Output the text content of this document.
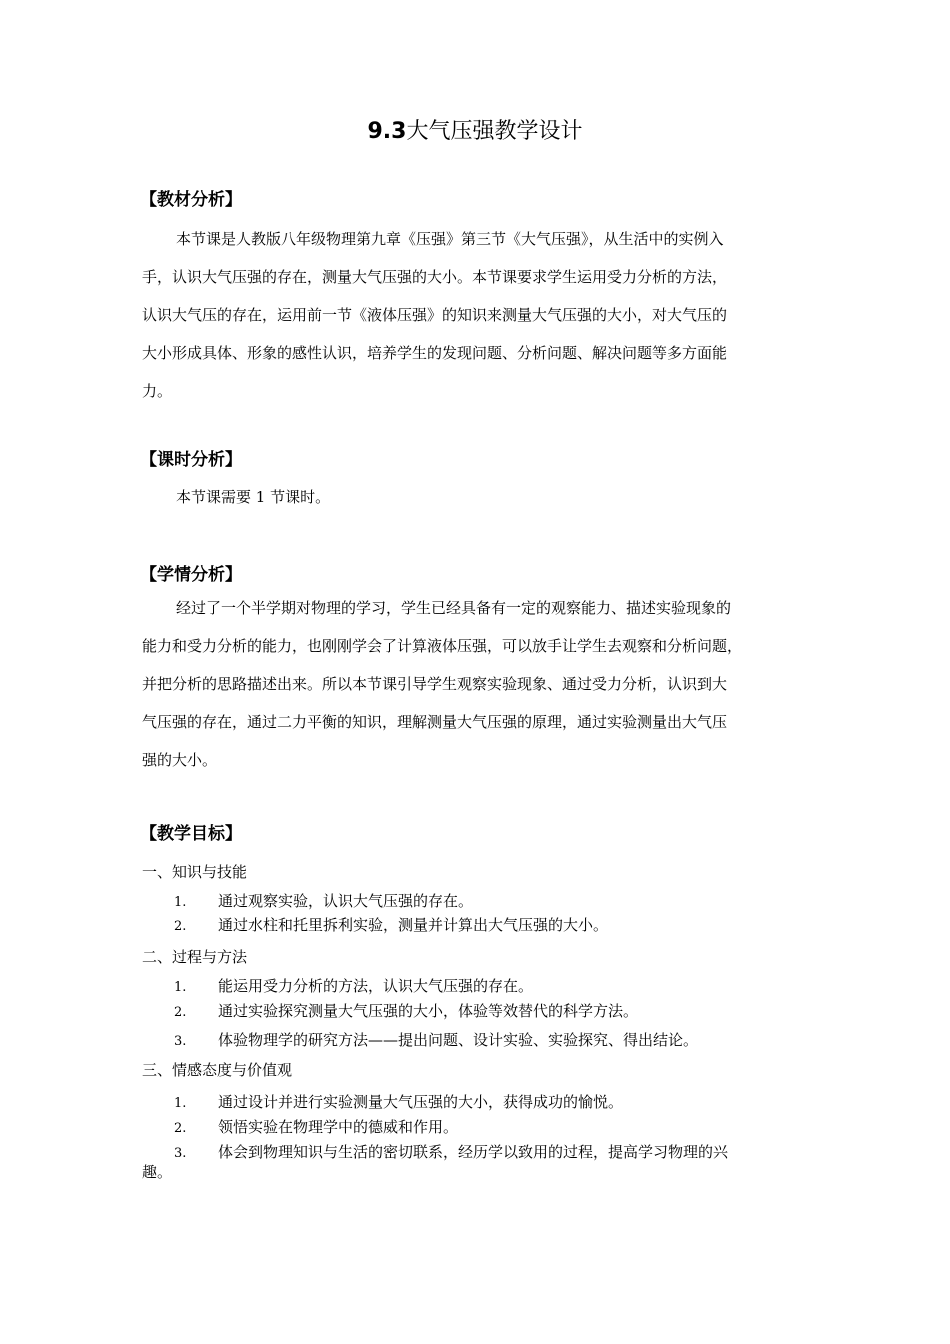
9.3大气压强教学设计
【教材分析】
本节课是人教版八年级物理第九章《压强》第三节《大气压强》，从生活中的实例入
手，认识大气压强的存在，测量大气压强的大小。本节课要求学生运用受力分析的方法，
认识大气压的存在，运用前一节《液体压强》的知识来测量大气压强的大小，对大气压的
大小形成具体、形象的感性认识，培养学生的发现问题、分析问题、解决问题等多方面能
力。
【课时分析】
本节课需要 1 节课时。
【学情分析】
经过了一个半学期对物理的学习，学生已经具备有一定的观察能力、描述实验现象的
能力和受力分析的能力，也刚刚学会了计算液体压强，可以放手让学生去观察和分析问题，
并把分析的思路描述出来。所以本节课引导学生观察实验现象、通过受力分析，认识到大
气压强的存在，通过二力平衡的知识，理解测量大气压强的原理，通过实验测量出大气压
强的大小。
【教学目标】
一、知识与技能
1. 通过观察实验，认识大气压强的存在。
2. 通过水柱和托里拆利实验，测量并计算出大气压强的大小。
二、过程与方法
1. 能运用受力分析的方法，认识大气压强的存在。
2. 通过实验探究测量大气压强的大小，体验等效替代的科学方法。
3. 体验物理学的研究方法——提出问题、设计实验、实验探究、得出结论。
三、情感态度与价值观
1. 通过设计并进行实验测量大气压强的大小，获得成功的愉悦。
2. 领悟实验在物理学中的德威和作用。
3. 体会到物理知识与生活的密切联系，经历学以致用的过程，提高学习物理的兴
趣。
